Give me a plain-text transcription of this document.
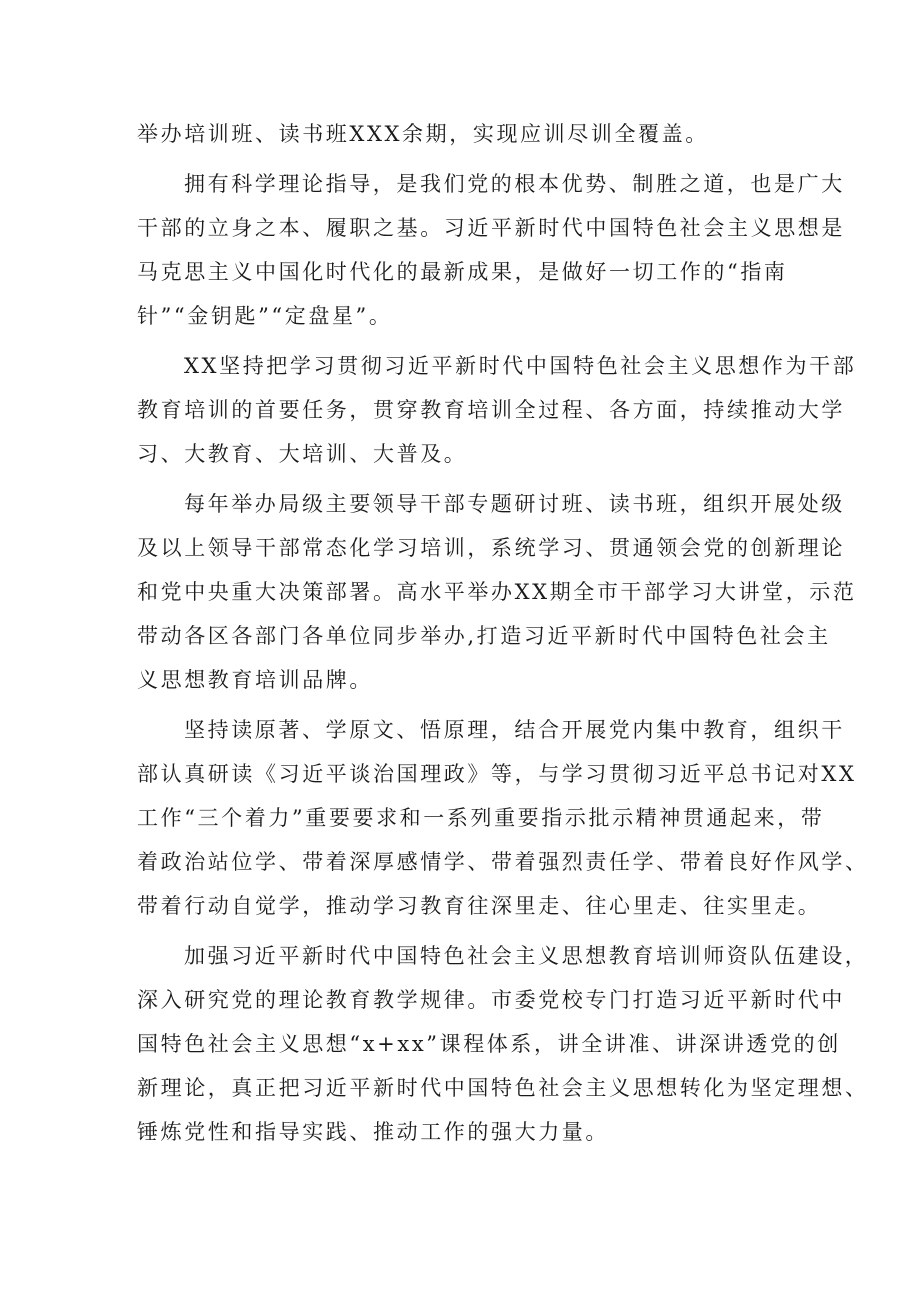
举办培训班、读书班XXX余期，实现应训尽训全覆盖。
拥有科学理论指导，是我们党的根本优势、制胜之道，也是广大
干部的立身之本、履职之基。习近平新时代中国特色社会主义思想是
马克思主义中国化时代化的最新成果，是做好一切工作的“指南
针”“金钥匙”“定盘星”。
XX坚持把学习贯彻习近平新时代中国特色社会主义思想作为干部
教育培训的首要任务，贯穿教育培训全过程、各方面，持续推动大学
习、大教育、大培训、大普及。
每年举办局级主要领导干部专题研讨班、读书班，组织开展处级
及以上领导干部常态化学习培训，系统学习、贯通领会党的创新理论
和党中央重大决策部署。高水平举办XX期全市干部学习大讲堂，示范
带动各区各部门各单位同步举办,打造习近平新时代中国特色社会主
义思想教育培训品牌。
坚持读原著、学原文、悟原理，结合开展党内集中教育，组织干
部认真研读《习近平谈治国理政》等，与学习贯彻习近平总书记对XX
工作“三个着力”重要要求和一系列重要指示批示精神贯通起来，带
着政治站位学、带着深厚感情学、带着强烈责任学、带着良好作风学、
带着行动自觉学，推动学习教育往深里走、往心里走、往实里走。
加强习近平新时代中国特色社会主义思想教育培训师资队伍建设，
深入研究党的理论教育教学规律。市委党校专门打造习近平新时代中
国特色社会主义思想“x+xx”课程体系，讲全讲准、讲深讲透党的创
新理论，真正把习近平新时代中国特色社会主义思想转化为坚定理想、
锤炼党性和指导实践、推动工作的强大力量。
